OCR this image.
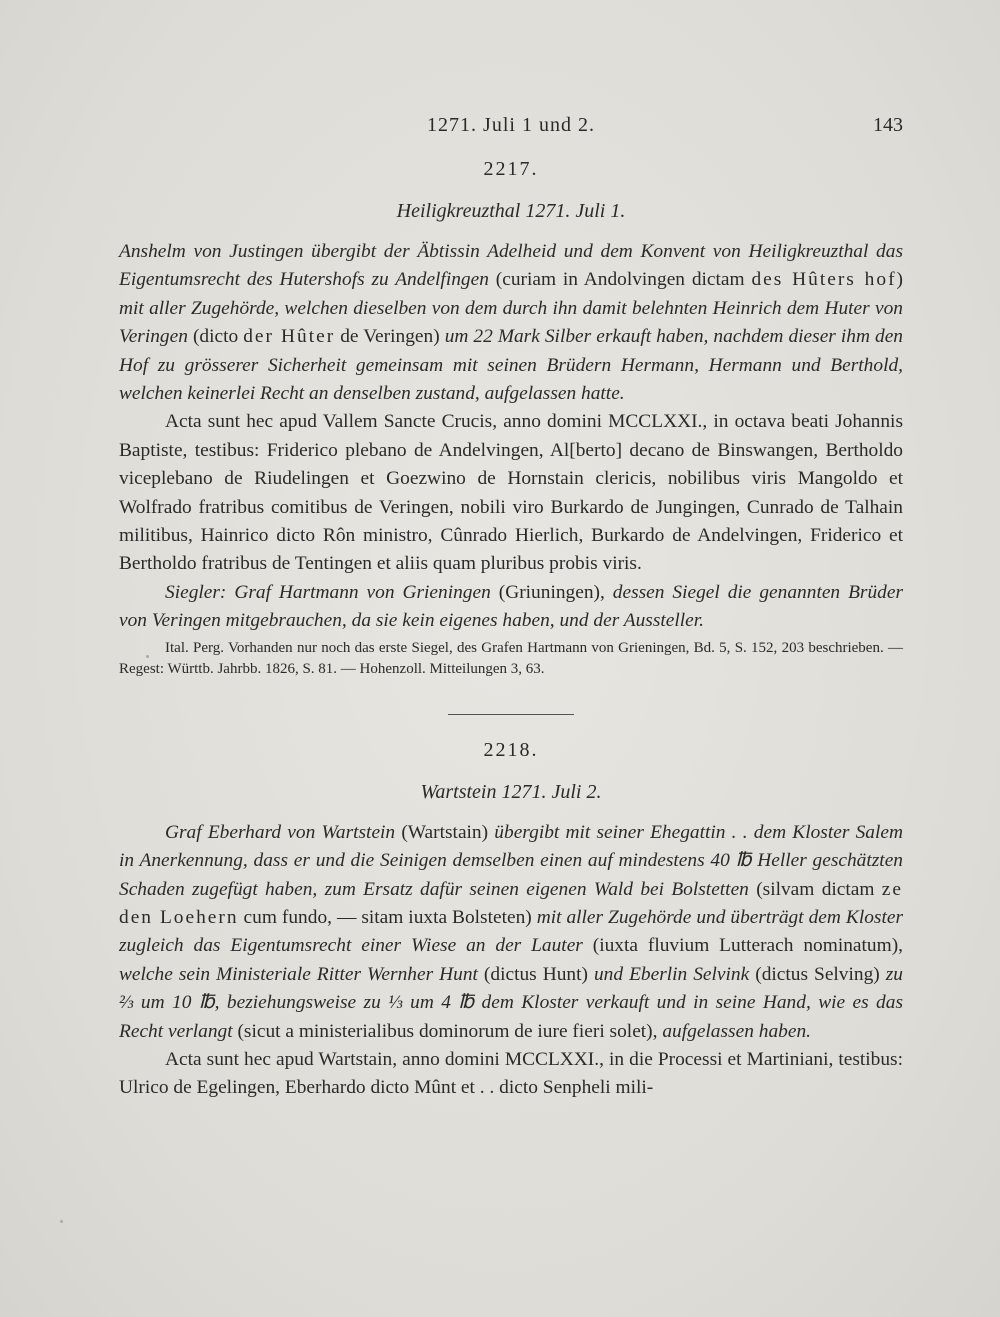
1271. Juli 1 und 2.	143
2217.
Heiligkreuzthal 1271. Juli 1.

Anshelm von Justingen übergibt der Äbtissin Adelheid und dem Konvent von Heiligkreuzthal das Eigentumsrecht des Hutershofs zu Andelfingen (curiam in Andolvingen dictam des Hûters hof) mit aller Zugehörde, welchen dieselben von dem durch ihn damit belehnten Heinrich dem Huter von Veringen (dicto der Hûter de Veringen) um 22 Mark Silber erkauft haben, nachdem dieser ihm den Hof zu grösserer Sicherheit gemeinsam mit seinen Brüdern Hermann, Hermann und Berthold, welchen keinerlei Recht an denselben zustand, aufgelassen hatte.

Acta sunt hec apud Vallem Sancte Crucis, anno domini MCCLXXI., in octava beati Johannis Baptiste, testibus: Friderico plebano de Andelvingen, Al[berto] decano de Binswangen, Bertholdo viceplebano de Riudelingen et Goezwino de Hornstain clericis, nobilibus viris Mangoldo et Wolfrado fratribus comitibus de Veringen, nobili viro Burkardo de Jungingen, Cunrado de Talhain militibus, Hainrico dicto Rôn ministro, Cûnrado Hierlich, Burkardo de Andelvingen, Friderico et Bertholdo fratribus de Tentingen et aliis quam pluribus probis viris.

Siegler: Graf Hartmann von Grieningen (Griuningen), dessen Siegel die genannten Brüder von Veringen mitgebrauchen, da sie kein eigenes haben, und der Aussteller.

Ital. Perg. Vorhanden nur noch das erste Siegel, des Grafen Hartmann von Grieningen, Bd. 5, S. 152, 203 beschrieben. — Regest: Württb. Jahrbb. 1826, S. 81. — Hohenzoll. Mitteilungen 3, 63.

2218.
Wartstein 1271. Juli 2.

Graf Eberhard von Wartstein (Wartstain) übergibt mit seiner Ehegattin . . dem Kloster Salem in Anerkennung, dass er und die Seinigen demselben einen auf mindestens 40 ℔ Heller geschätzten Schaden zugefügt haben, zum Ersatz dafür seinen eigenen Wald bei Bolstetten (silvam dictam ze den Loehern cum fundo, — sitam iuxta Bolsteten) mit aller Zugehörde und überträgt dem Kloster zugleich das Eigentumsrecht einer Wiese an der Lauter (iuxta fluvium Lutterach nominatum), welche sein Ministeriale Ritter Wernher Hunt (dictus Hunt) und Eberlin Selvink (dictus Selving) zu ⅔ um 10 ℔, beziehungsweise zu ⅓ um 4 ℔ dem Kloster verkauft und in seine Hand, wie es das Recht verlangt (sicut a ministerialibus dominorum de iure fieri solet), aufgelassen haben.

Acta sunt hec apud Wartstain, anno domini MCCLXXI., in die Processi et Martiniani, testibus: Ulrico de Egelingen, Eberhardo dicto Mûnt et . . dicto Senpheli mili-
